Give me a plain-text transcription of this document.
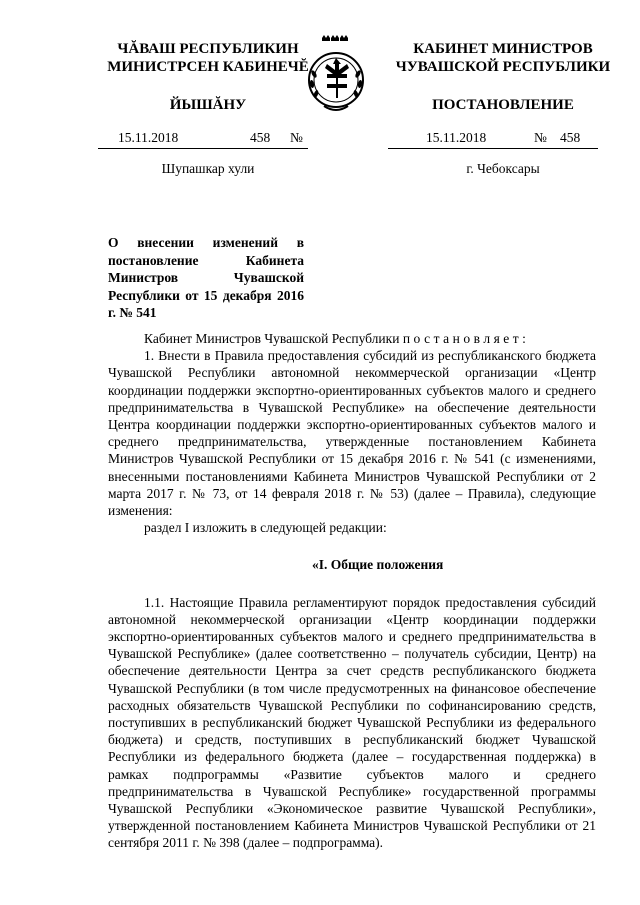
ЧĂВАШ РЕСПУБЛИКИН
МИНИСТРСЕН КАБИНЕЧĔ
ЙЫШĂНУ
КАБИНЕТ МИНИСТРОВ
ЧУВАШСКОЙ РЕСПУБЛИКИ
ПОСТАНОВЛЕНИЕ
15.11.2018	458 №	15.11.2018	№ 458
Шупашкар хули	г. Чебоксары
О внесении изменений в постановление Кабинета Министров Чувашской Республики от 15 декабря 2016 г. № 541

Кабинет Министров Чувашской Республики постановляет:

1. Внести в Правила предоставления субсидий из республиканского бюджета Чувашской Республики автономной некоммерческой организации «Центр координации поддержки экспортно-ориентированных субъектов малого и среднего предпринимательства в Чувашской Республике» на обеспечение деятельности Центра координации поддержки экспортно-ориентированных субъектов малого и среднего предпринимательства, утвержденные постановлением Кабинета Министров Чувашской Республики от 15 декабря 2016 г. № 541 (с изменениями, внесенными постановлениями Кабинета Министров Чувашской Республики от 2 марта 2017 г. № 73, от 14 февраля 2018 г. № 53) (далее – Правила), следующие изменения:

раздел I изложить в следующей редакции:

«I. Общие положения

1.1. Настоящие Правила регламентируют порядок предоставления субсидий автономной некоммерческой организации «Центр координации поддержки экспортно-ориентированных субъектов малого и среднего предпринимательства в Чувашской Республике» (далее соответственно – получатель субсидии, Центр) на обеспечение деятельности Центра за счет средств республиканского бюджета Чувашской Республики (в том числе предусмотренных на финансовое обеспечение расходных обязательств Чувашской Республики по софинансированию средств, поступивших в республиканский бюджет Чувашской Республики из федерального бюджета) и средств, поступивших в республиканский бюджет Чувашской Республики из федерального бюджета (далее – государственная поддержка) в рамках подпрограммы «Развитие субъектов малого и среднего предпринимательства в Чувашской Республике» государственной программы Чувашской Республики «Экономическое развитие Чувашской Республики», утвержденной постановлением Кабинета Министров Чувашской Республики от 21 сентября 2011 г. № 398 (далее – подпрограмма).
